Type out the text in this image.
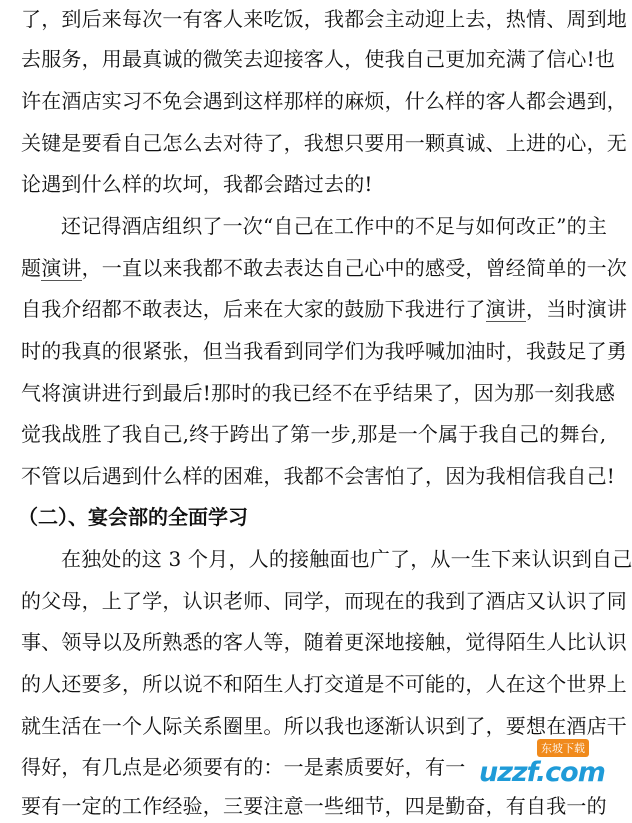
了，到后来每次一有客人来吃饭，我都会主动迎上去，热情、周到地
去服务，用最真诚的微笑去迎接客人，使我自己更加充满了信心!也
许在酒店实习不免会遇到这样那样的麻烦，什么样的客人都会遇到，
关键是要看自己怎么去对待了，我想只要用一颗真诚、上进的心，无
论遇到什么样的坎坷，我都会踏过去的!
还记得酒店组织了一次“自己在工作中的不足与如何改正”的主
题演讲，一直以来我都不敢去表达自己心中的感受，曾经简单的一次
自我介绍都不敢表达，后来在大家的鼓励下我进行了演讲，当时演讲
时的我真的很紧张，但当我看到同学们为我呼喊加油时，我鼓足了勇
气将演讲进行到最后!那时的我已经不在乎结果了，因为那一刻我感
觉我战胜了我自己,终于跨出了第一步,那是一个属于我自己的舞台,
不管以后遇到什么样的困难，我都不会害怕了，因为我相信我自己!
（二）、宴会部的全面学习
在独处的这 3 个月，人的接触面也广了，从一生下来认识到自己
的父母，上了学，认识老师、同学，而现在的我到了酒店又认识了同
事、领导以及所熟悉的客人等，随着更深地接触，觉得陌生人比认识
的人还要多，所以说不和陌生人打交道是不可能的，人在这个世界上
就生活在一个人际关系圈里。所以我也逐渐认识到了，要想在酒店干
得好，有几点是必须要有的：一是素质要好，有一
要有一定的工作经验，三要注意一些细节，四是勤奋，有自我一的
东坡下载
uzzf.com
